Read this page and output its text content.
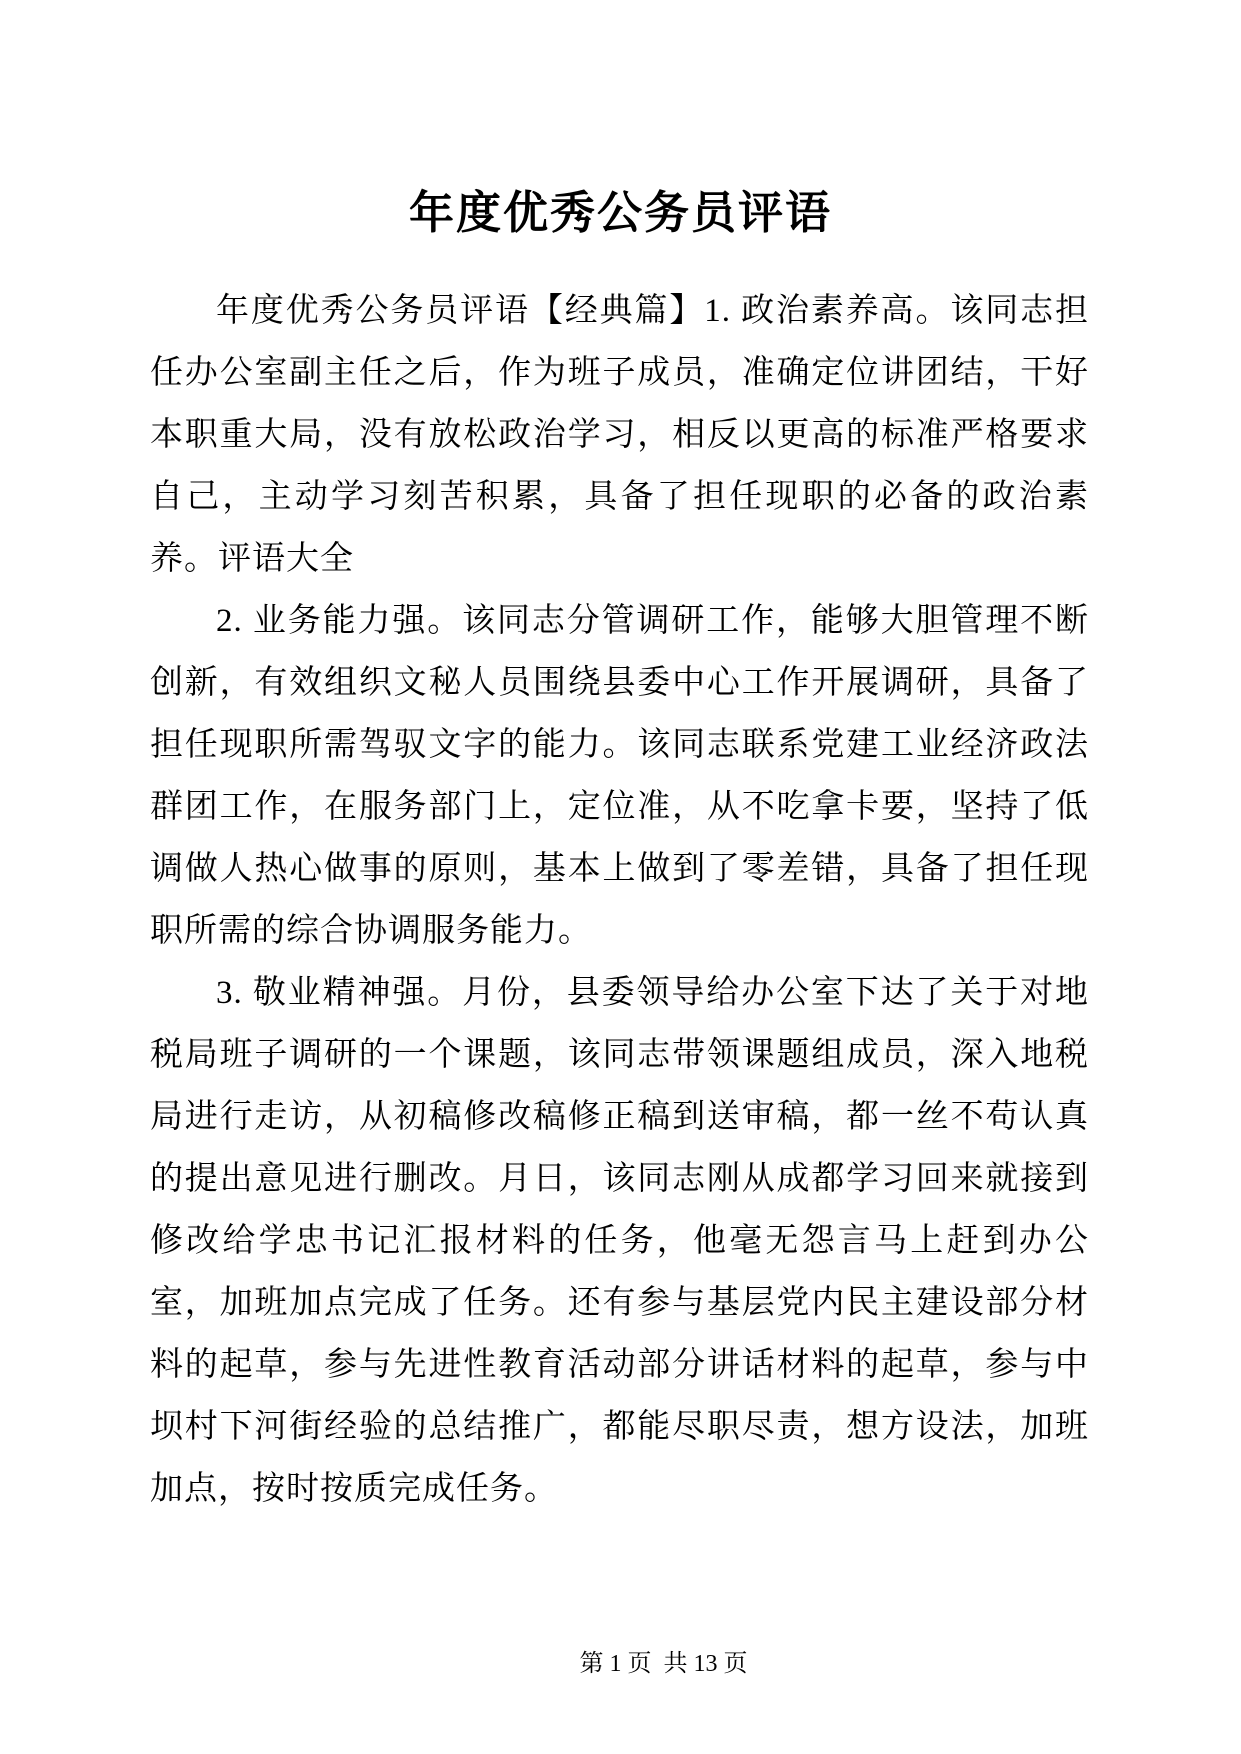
年度优秀公务员评语

年度优秀公务员评语【经典篇】1. 政治素养高。该同志担任办公室副主任之后，作为班子成员，准确定位讲团结，干好本职重大局，没有放松政治学习，相反以更高的标准严格要求自己，主动学习刻苦积累，具备了担任现职的必备的政治素养。评语大全

2. 业务能力强。该同志分管调研工作，能够大胆管理不断创新，有效组织文秘人员围绕县委中心工作开展调研，具备了担任现职所需驾驭文字的能力。该同志联系党建工业经济政法群团工作，在服务部门上，定位准，从不吃拿卡要，坚持了低调做人热心做事的原则，基本上做到了零差错，具备了担任现职所需的综合协调服务能力。

3. 敬业精神强。月份，县委领导给办公室下达了关于对地税局班子调研的一个课题，该同志带领课题组成员，深入地税局进行走访，从初稿修改稿修正稿到送审稿，都一丝不苟认真的提出意见进行删改。月日，该同志刚从成都学习回来就接到修改给学忠书记汇报材料的任务，他毫无怨言马上赶到办公室，加班加点完成了任务。还有参与基层党内民主建设部分材料的起草，参与先进性教育活动部分讲话材料的起草，参与中坝村下河街经验的总结推广，都能尽职尽责，想方设法，加班加点，按时按质完成任务。

第 1 页  共 13 页
